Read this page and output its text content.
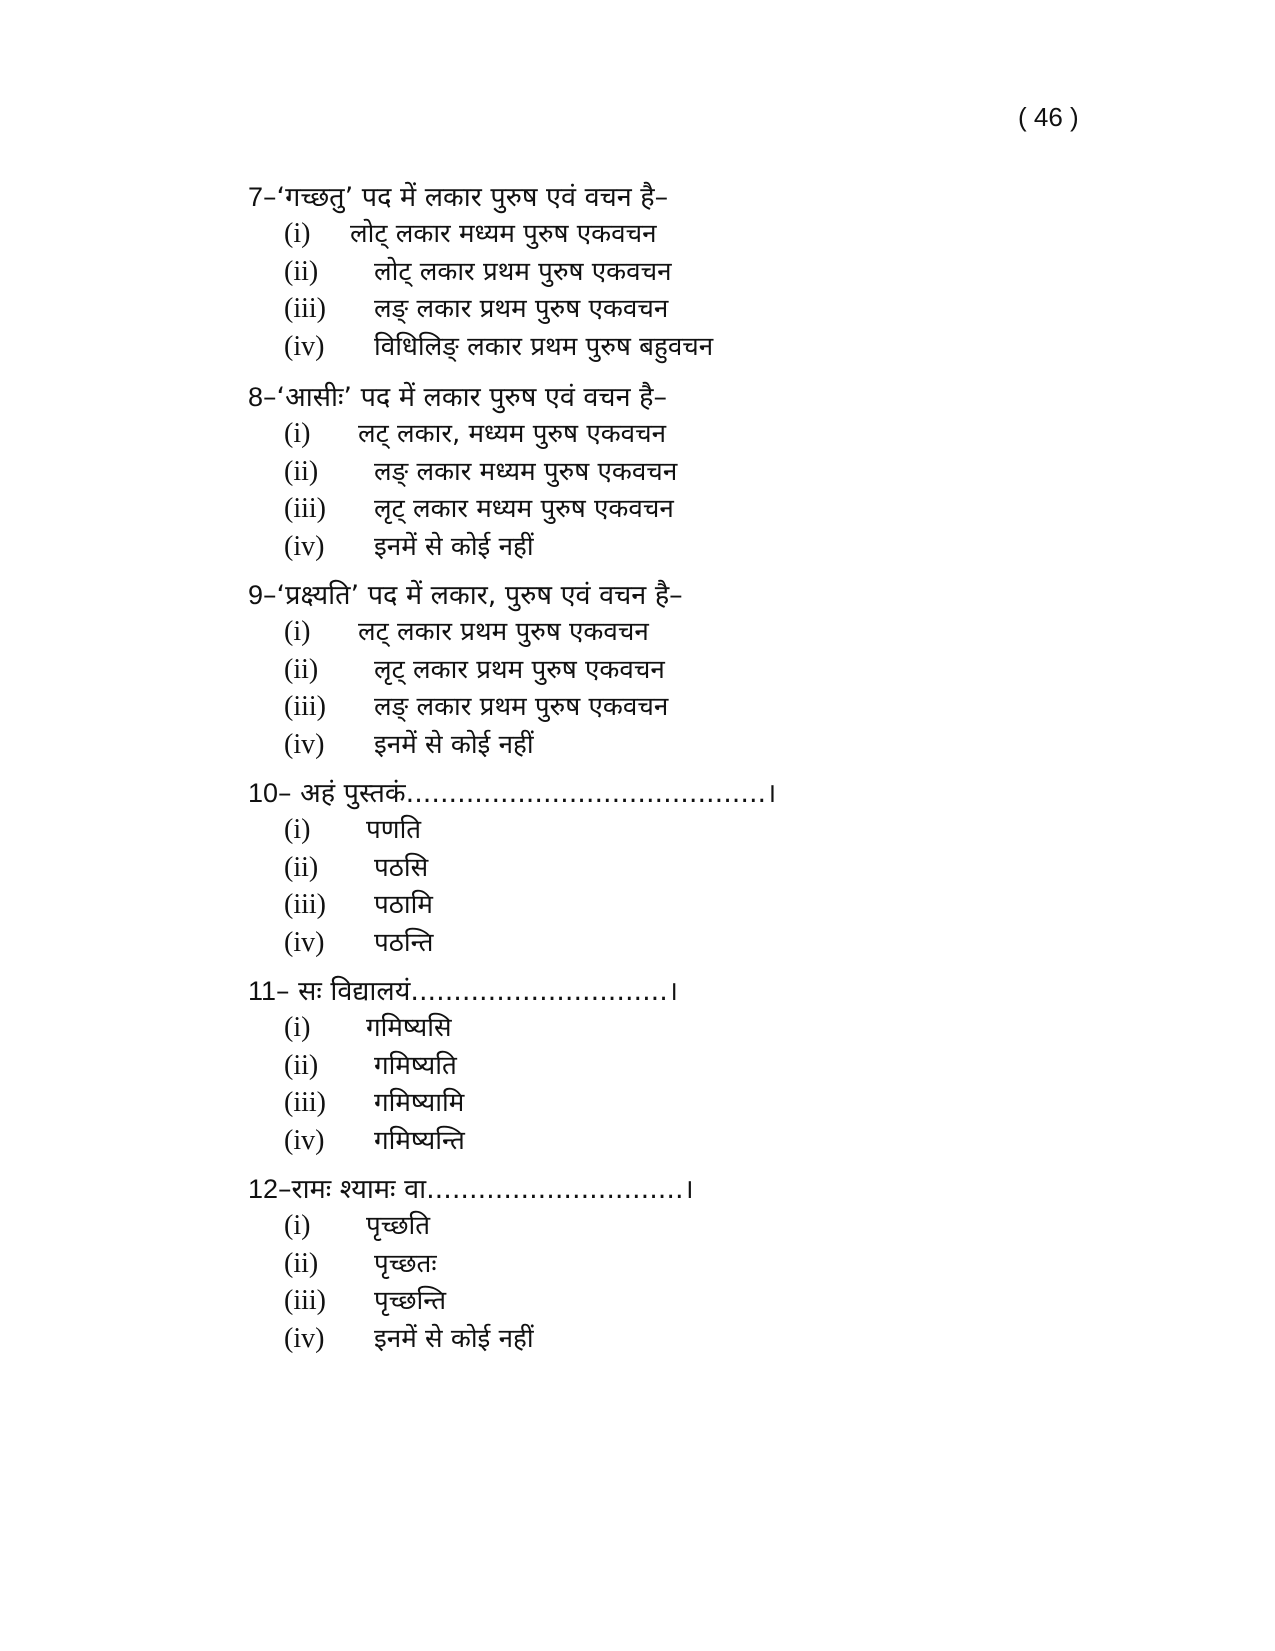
( 46 )
7–‘गच्छतु’ पद में लकार पुरुष एवं वचन है–
(i) लोट् लकार मध्यम पुरुष एकवचन
(ii) लोट् लकार प्रथम पुरुष एकवचन
(iii) लङ् लकार प्रथम पुरुष एकवचन
(iv) विधिलिङ् लकार प्रथम पुरुष बहुवचन
8–‘आसीः’ पद में लकार पुरुष एवं वचन है–
(i) लट् लकार, मध्यम पुरुष एकवचन
(ii) लङ् लकार मध्यम पुरुष एकवचन
(iii) लृट् लकार मध्यम पुरुष एकवचन
(iv) इनमें से कोई नहीं
9–‘प्रक्ष्यति’ पद में लकार, पुरुष एवं वचन है–
(i) लट् लकार प्रथम पुरुष एकवचन
(ii) लृट् लकार प्रथम पुरुष एकवचन
(iii) लङ् लकार प्रथम पुरुष एकवचन
(iv) इनमें से कोई नहीं
10– अहं पुस्तकं..........................................।
(i) पणति
(ii) पठसि
(iii) पठामि
(iv) पठन्ति
11– सः विद्यालयं..............................।
(i) गमिष्यसि
(ii) गमिष्यति
(iii) गमिष्यामि
(iv) गमिष्यन्ति
12–रामः श्यामः वा..............................।
(i) पृच्छति
(ii) पृच्छतः
(iii) पृच्छन्ति
(iv) इनमें से कोई नहीं
